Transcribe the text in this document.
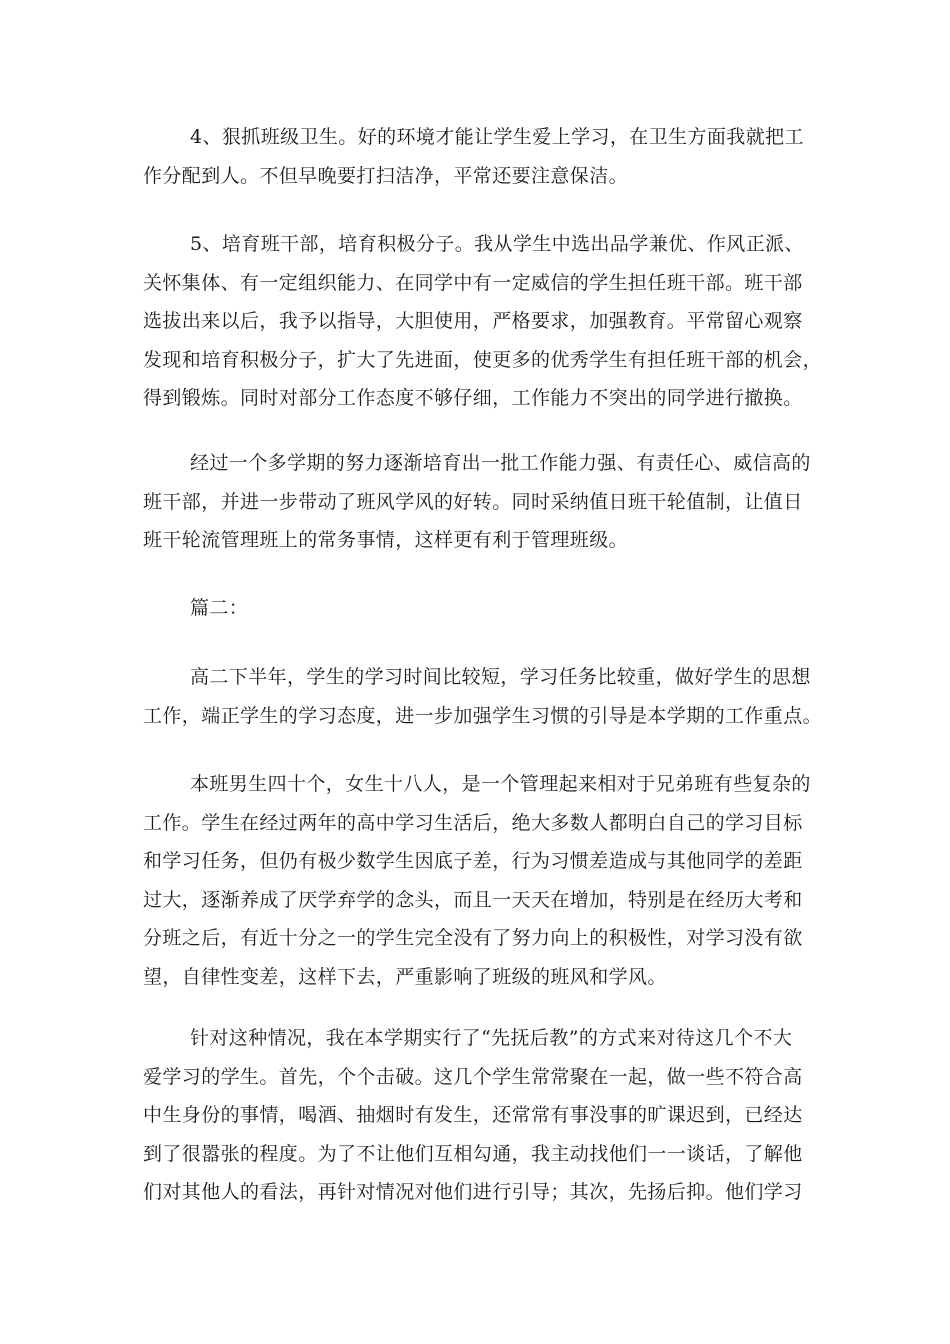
4、狠抓班级卫生。好的环境才能让学生爱上学习，在卫生方面我就把工
作分配到人。不但早晚要打扫洁净，平常还要注意保洁。
5、培育班干部，培育积极分子。我从学生中选出品学兼优、作风正派、
关怀集体、有一定组织能力、在同学中有一定威信的学生担任班干部。班干部
选拔出来以后，我予以指导，大胆使用，严格要求，加强教育。平常留心观察
发现和培育积极分子，扩大了先进面，使更多的优秀学生有担任班干部的机会，
得到锻炼。同时对部分工作态度不够仔细，工作能力不突出的同学进行撤换。
经过一个多学期的努力逐渐培育出一批工作能力强、有责任心、威信高的
班干部，并进一步带动了班风学风的好转。同时采纳值日班干轮值制，让值日
班干轮流管理班上的常务事情，这样更有利于管理班级。
篇二：
高二下半年，学生的学习时间比较短，学习任务比较重，做好学生的思想
工作，端正学生的学习态度，进一步加强学生习惯的引导是本学期的工作重点。
本班男生四十个，女生十八人，是一个管理起来相对于兄弟班有些复杂的
工作。学生在经过两年的高中学习生活后，绝大多数人都明白自己的学习目标
和学习任务，但仍有极少数学生因底子差，行为习惯差造成与其他同学的差距
过大，逐渐养成了厌学弃学的念头，而且一天天在增加，特别是在经历大考和
分班之后，有近十分之一的学生完全没有了努力向上的积极性，对学习没有欲
望，自律性变差，这样下去，严重影响了班级的班风和学风。
针对这种情况，我在本学期实行了“先抚后教”的方式来对待这几个不大
爱学习的学生。首先，个个击破。这几个学生常常聚在一起，做一些不符合高
中生身份的事情，喝酒、抽烟时有发生，还常常有事没事的旷课迟到，已经达
到了很嚣张的程度。为了不让他们互相勾通，我主动找他们一一谈话，了解他
们对其他人的看法，再针对情况对他们进行引导；其次，先扬后抑。他们学习
